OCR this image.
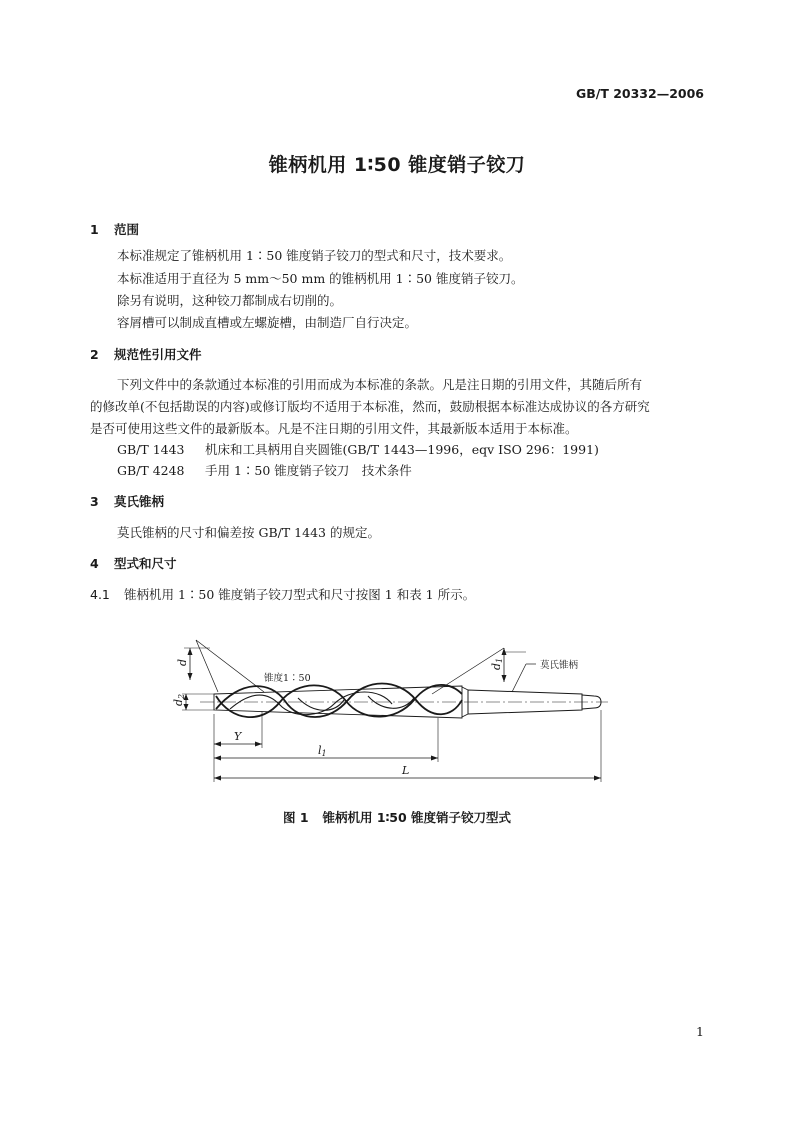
GB/T 20332—2006
锥柄机用 1∶50 锥度销子铰刀
1 范围
本标准规定了锥柄机用 1∶50 锥度销子铰刀的型式和尺寸，技术要求。
本标准适用于直径为 5 mm～50 mm 的锥柄机用 1∶50 锥度销子铰刀。
除另有说明，这种铰刀都制成右切削的。
容屑槽可以制成直槽或左螺旋槽，由制造厂自行决定。
2 规范性引用文件
下列文件中的条款通过本标准的引用而成为本标准的条款。凡是注日期的引用文件，其随后所有
的修改单(不包括勘误的内容)或修订版均不适用于本标准，然而，鼓励根据本标准达成协议的各方研究
是否可使用这些文件的最新版本。凡是不注日期的引用文件，其最新版本适用于本标准。
GB/T 1443 机床和工具柄用自夹圆锥(GB/T 1443—1996，eqv ISO 296：1991)
GB/T 4248 手用 1∶50 锥度销子铰刀　技术条件
3 莫氏锥柄
莫氏锥柄的尺寸和偏差按 GB/T 1443 的规定。
4 型式和尺寸
4.1 锥柄机用 1∶50 锥度销子铰刀型式和尺寸按图 1 和表 1 所示。
d
d2
d1
锥度1∶50
莫氏锥柄
Y
l1
L
图 1 锥柄机用 1∶50 锥度销子铰刀型式
1
